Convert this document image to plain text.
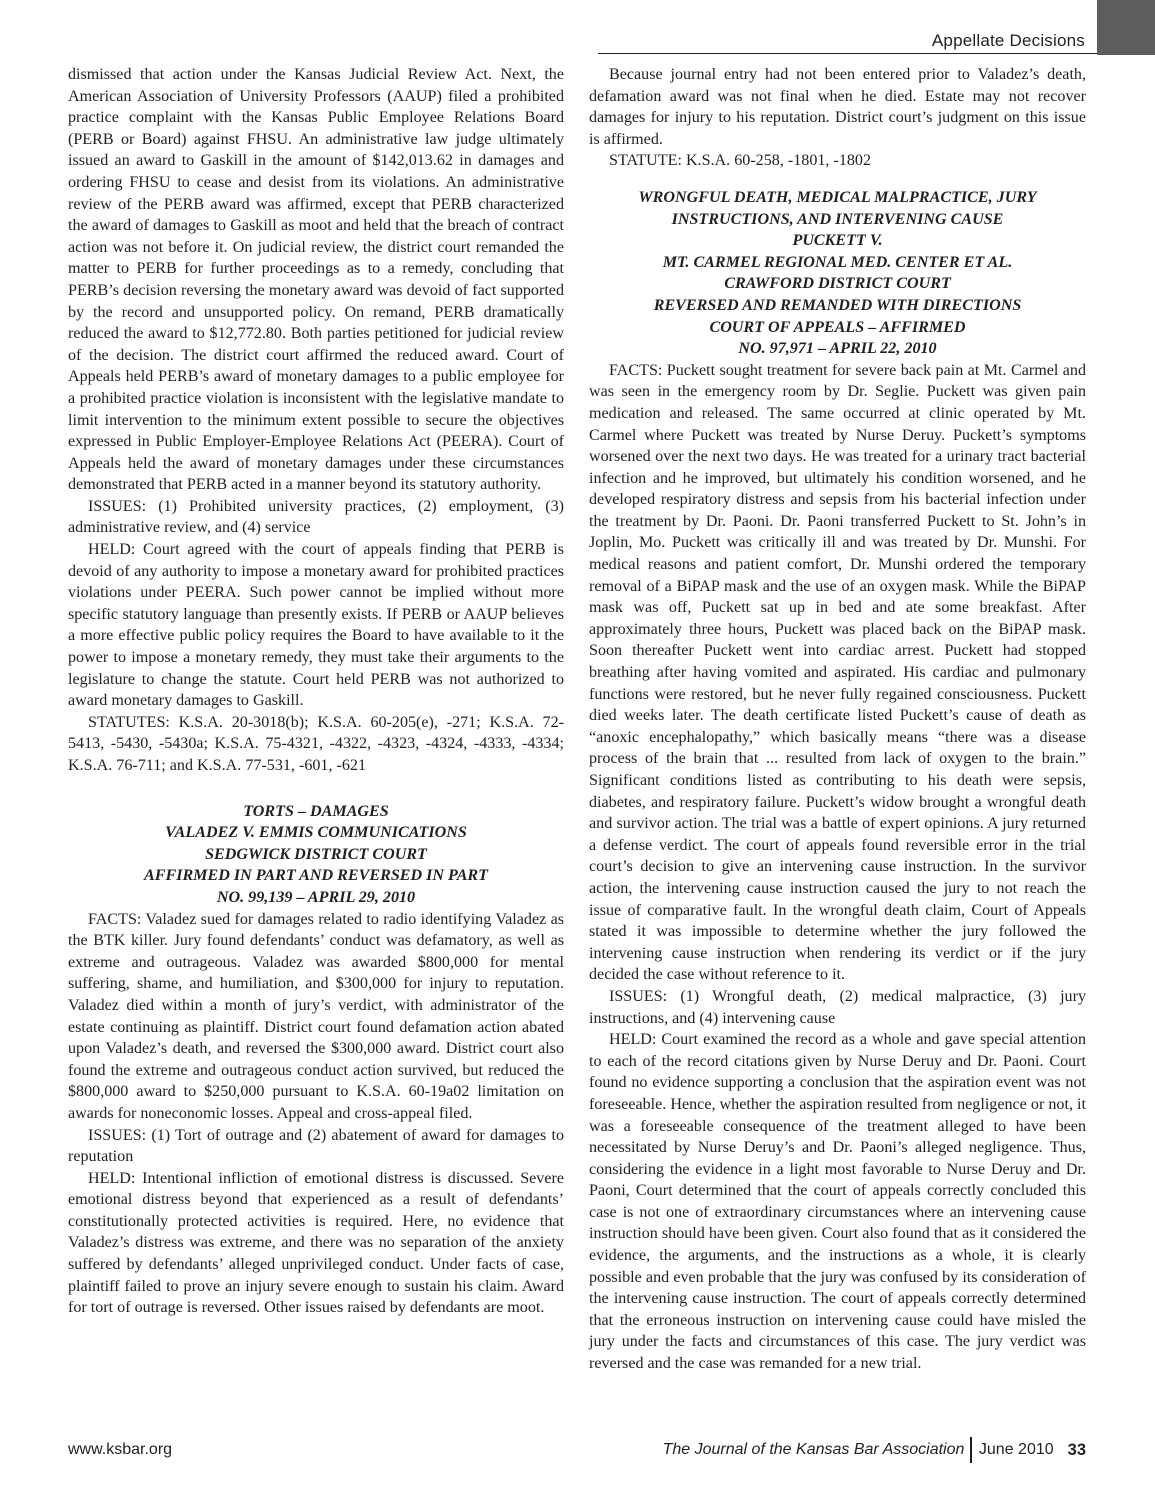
Appellate Decisions

dismissed that action under the Kansas Judicial Review Act. Next, the American Association of University Professors (AAUP) filed a prohibited practice complaint with the Kansas Public Employee Relations Board (PERB or Board) against FHSU. An administrative law judge ultimately issued an award to Gaskill in the amount of $142,013.62 in damages and ordering FHSU to cease and desist from its violations. An administrative review of the PERB award was affirmed, except that PERB characterized the award of damages to Gaskill as moot and held that the breach of contract action was not before it. On judicial review, the district court remanded the matter to PERB for further proceedings as to a remedy, concluding that PERB’s decision reversing the monetary award was devoid of fact supported by the record and unsupported policy. On remand, PERB dramatically reduced the award to $12,772.80. Both parties petitioned for judicial review of the decision. The district court affirmed the reduced award. Court of Appeals held PERB’s award of monetary damages to a public employee for a prohibited practice violation is inconsistent with the legislative mandate to limit intervention to the minimum extent possible to secure the objectives expressed in Public Employer-Employee Relations Act (PEERA). Court of Appeals held the award of monetary damages under these circumstances demonstrated that PERB acted in a manner beyond its statutory authority.

ISSUES: (1) Prohibited university practices, (2) employment, (3) administrative review, and (4) service

HELD: Court agreed with the court of appeals finding that PERB is devoid of any authority to impose a monetary award for prohibited practices violations under PEERA. Such power cannot be implied without more specific statutory language than presently exists. If PERB or AAUP believes a more effective public policy requires the Board to have available to it the power to impose a monetary remedy, they must take their arguments to the legislature to change the statute. Court held PERB was not authorized to award monetary damages to Gaskill.

STATUTES: K.S.A. 20-3018(b); K.S.A. 60-205(e), -271; K.S.A. 72-5413, -5430, -5430a; K.S.A. 75-4321, -4322, -4323, -4324, -4333, -4334; K.S.A. 76-711; and K.S.A. 77-531, -601, -621

TORTS – DAMAGES
VALADEZ V. EMMIS COMMUNICATIONS
SEDGWICK DISTRICT COURT
AFFIRMED IN PART AND REVERSED IN PART
NO. 99,139 – APRIL 29, 2010

FACTS: Valadez sued for damages related to radio identifying Valadez as the BTK killer. Jury found defendants’ conduct was defamatory, as well as extreme and outrageous. Valadez was awarded $800,000 for mental suffering, shame, and humiliation, and $300,000 for injury to reputation. Valadez died within a month of jury’s verdict, with administrator of the estate continuing as plaintiff. District court found defamation action abated upon Valadez’s death, and reversed the $300,000 award. District court also found the extreme and outrageous conduct action survived, but reduced the $800,000 award to $250,000 pursuant to K.S.A. 60-19a02 limitation on awards for noneconomic losses. Appeal and cross-appeal filed.

ISSUES: (1) Tort of outrage and (2) abatement of award for damages to reputation

HELD: Intentional infliction of emotional distress is discussed. Severe emotional distress beyond that experienced as a result of defendants’ constitutionally protected activities is required. Here, no evidence that Valadez’s distress was extreme, and there was no separation of the anxiety suffered by defendants’ alleged unprivileged conduct. Under facts of case, plaintiff failed to prove an injury severe enough to sustain his claim. Award for tort of outrage is reversed. Other issues raised by defendants are moot.

Because journal entry had not been entered prior to Valadez’s death, defamation award was not final when he died. Estate may not recover damages for injury to his reputation. District court’s judgment on this issue is affirmed.

STATUTE: K.S.A. 60-258, -1801, -1802

WRONGFUL DEATH, MEDICAL MALPRACTICE, JURY
INSTRUCTIONS, AND INTERVENING CAUSE
PUCKETT V.
MT. CARMEL REGIONAL MED. CENTER ET AL.
CRAWFORD DISTRICT COURT
REVERSED AND REMANDED WITH DIRECTIONS
COURT OF APPEALS – AFFIRMED
NO. 97,971 – APRIL 22, 2010

FACTS: Puckett sought treatment for severe back pain at Mt. Carmel and was seen in the emergency room by Dr. Seglie. Puckett was given pain medication and released. The same occurred at clinic operated by Mt. Carmel where Puckett was treated by Nurse Deruy. Puckett’s symptoms worsened over the next two days. He was treated for a urinary tract bacterial infection and he improved, but ultimately his condition worsened, and he developed respiratory distress and sepsis from his bacterial infection under the treatment by Dr. Paoni. Dr. Paoni transferred Puckett to St. John’s in Joplin, Mo. Puckett was critically ill and was treated by Dr. Munshi. For medical reasons and patient comfort, Dr. Munshi ordered the temporary removal of a BiPAP mask and the use of an oxygen mask. While the BiPAP mask was off, Puckett sat up in bed and ate some breakfast. After approximately three hours, Puckett was placed back on the BiPAP mask. Soon thereafter Puckett went into cardiac arrest. Puckett had stopped breathing after having vomited and aspirated. His cardiac and pulmonary functions were restored, but he never fully regained consciousness. Puckett died weeks later. The death certificate listed Puckett’s cause of death as “anoxic encephalopathy,” which basically means “there was a disease process of the brain that ... resulted from lack of oxygen to the brain.” Significant conditions listed as contributing to his death were sepsis, diabetes, and respiratory failure. Puckett’s widow brought a wrongful death and survivor action. The trial was a battle of expert opinions. A jury returned a defense verdict. The court of appeals found reversible error in the trial court’s decision to give an intervening cause instruction. In the survivor action, the intervening cause instruction caused the jury to not reach the issue of comparative fault. In the wrongful death claim, Court of Appeals stated it was impossible to determine whether the jury followed the intervening cause instruction when rendering its verdict or if the jury decided the case without reference to it.

ISSUES: (1) Wrongful death, (2) medical malpractice, (3) jury instructions, and (4) intervening cause

HELD: Court examined the record as a whole and gave special attention to each of the record citations given by Nurse Deruy and Dr. Paoni. Court found no evidence supporting a conclusion that the aspiration event was not foreseeable. Hence, whether the aspiration resulted from negligence or not, it was a foreseeable consequence of the treatment alleged to have been necessitated by Nurse Deruy’s and Dr. Paoni’s alleged negligence. Thus, considering the evidence in a light most favorable to Nurse Deruy and Dr. Paoni, Court determined that the court of appeals correctly concluded this case is not one of extraordinary circumstances where an intervening cause instruction should have been given. Court also found that as it considered the evidence, the arguments, and the instructions as a whole, it is clearly possible and even probable that the jury was confused by its consideration of the intervening cause instruction. The court of appeals correctly determined that the erroneous instruction on intervening cause could have misled the jury under the facts and circumstances of this case. The jury verdict was reversed and the case was remanded for a new trial.

www.ksbar.org	The Journal of the Kansas Bar Association June 2010 33
